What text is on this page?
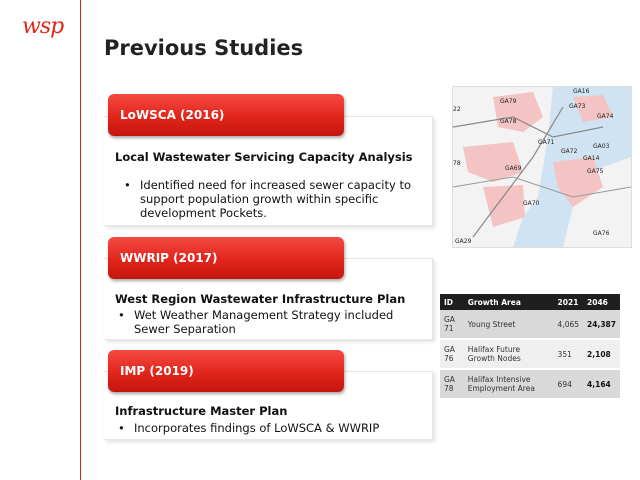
wsp
Previous Studies
LoWSCA (2016)
Local Wastewater Servicing Capacity Analysis
• Identified need for increased sewer capacity to support population growth within specific development Pockets.
WWRIP (2017)
West Region Wastewater Infrastructure Plan
• Wet Weather Management Strategy included Sewer Separation
IMP (2019)
Infrastructure Master Plan
• Incorporates findings of LoWSCA & WWRIP
GA16
GA79
GA73
GA78
GA74
GA71
GA03
GA72
GA14
GA69	GA75
GA70
GA76
GA29
22
78
ID	Growth Area	2021	2046
GA 71	Young Street	4,065	24,387
GA 76	Halifax Future Growth Nodes	351	2,108
GA 78	Halifax Intensive Employment Area	694	4,164
